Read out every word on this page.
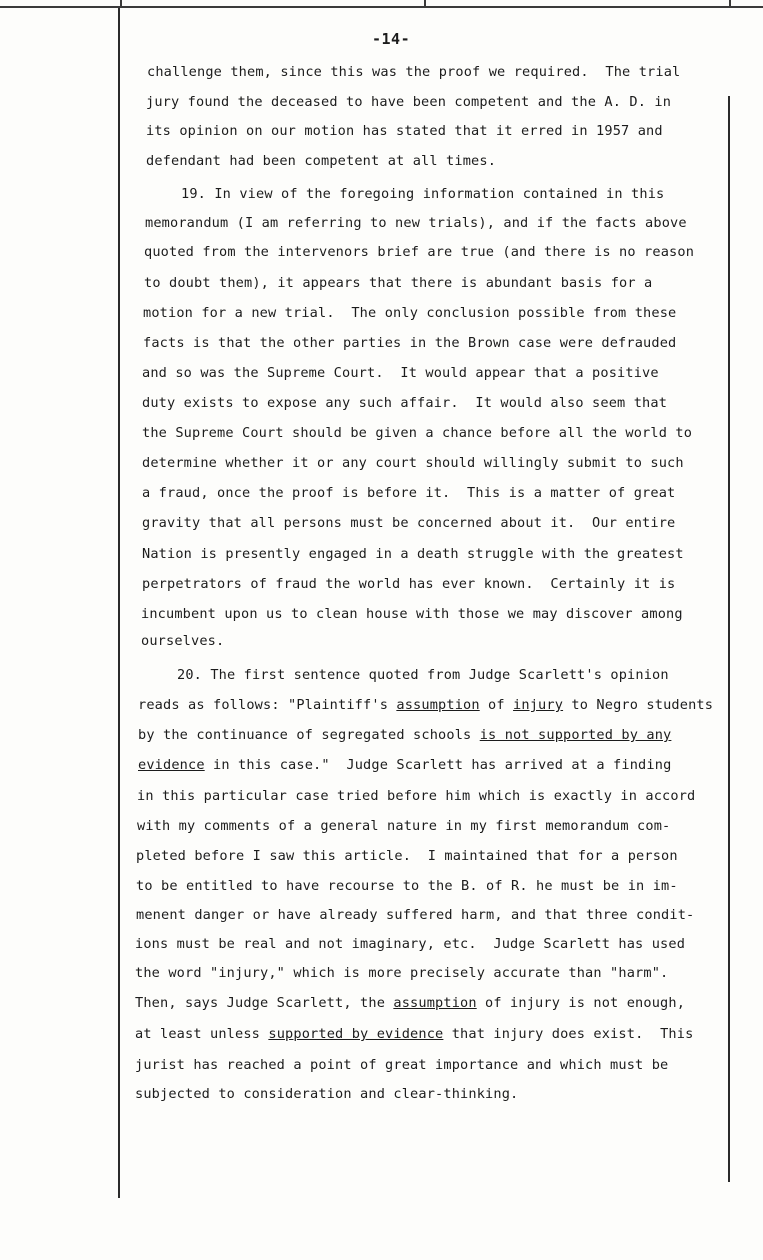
-14-
challenge them, since this was the proof we required.  The trial
jury found the deceased to have been competent and the A. D. in
its opinion on our motion has stated that it erred in 1957 and
defendant had been competent at all times.
19. In view of the foregoing information contained in this
memorandum (I am referring to new trials), and if the facts above
quoted from the intervenors brief are true (and there is no reason
to doubt them), it appears that there is abundant basis for a
motion for a new trial.  The only conclusion possible from these
facts is that the other parties in the Brown case were defrauded
and so was the Supreme Court.  It would appear that a positive
duty exists to expose any such affair.  It would also seem that
the Supreme Court should be given a chance before all the world to
determine whether it or any court should willingly submit to such
a fraud, once the proof is before it.  This is a matter of great
gravity that all persons must be concerned about it.  Our entire
Nation is presently engaged in a death struggle with the greatest
perpetrators of fraud the world has ever known.  Certainly it is
incumbent upon us to clean house with those we may discover among
ourselves.
20. The first sentence quoted from Judge Scarlett's opinion
reads as follows: "Plaintiff's assumption of injury to Negro students
by the continuance of segregated schools is not supported by any
evidence in this case."  Judge Scarlett has arrived at a finding
in this particular case tried before him which is exactly in accord
with my comments of a general nature in my first memorandum com-
pleted before I saw this article.  I maintained that for a person
to be entitled to have recourse to the B. of R. he must be in im-
menent danger or have already suffered harm, and that three condit-
ions must be real and not imaginary, etc.  Judge Scarlett has used
the word "injury," which is more precisely accurate than "harm".
Then, says Judge Scarlett, the assumption of injury is not enough,
at least unless supported by evidence that injury does exist.  This
jurist has reached a point of great importance and which must be
subjected to consideration and clear-thinking.
